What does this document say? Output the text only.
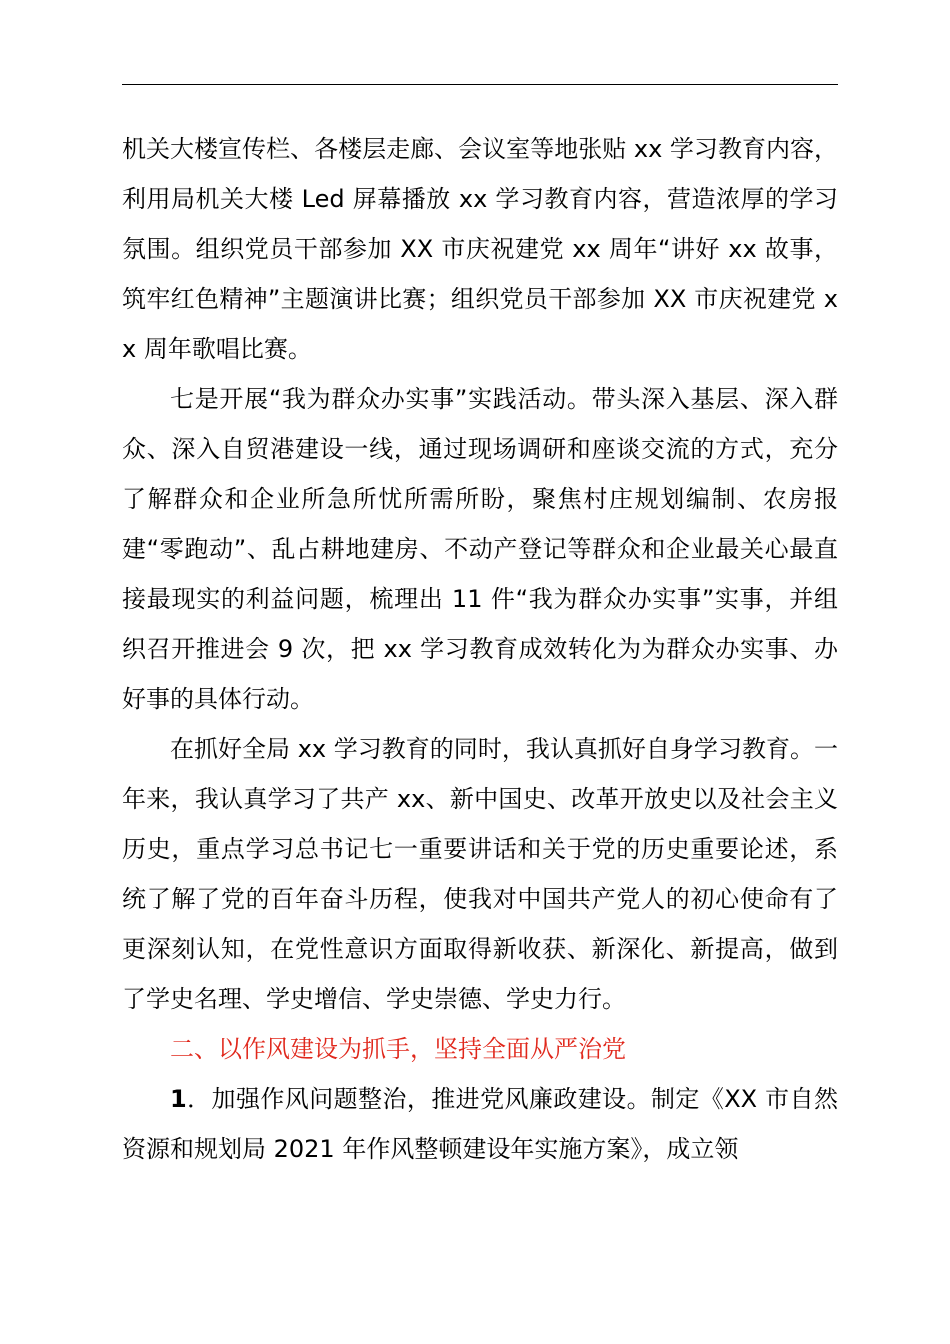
机关大楼宣传栏、各楼层走廊、会议室等地张贴 xx 学习教育内容，利用局机关大楼 Led 屏幕播放 xx 学习教育内容，营造浓厚的学习氛围。组织党员干部参加 XX 市庆祝建党 xx 周年“讲好 xx 故事，筑牢红色精神”主题演讲比赛；组织党员干部参加 XX 市庆祝建党 xx 周年歌唱比赛。

七是开展“我为群众办实事”实践活动。带头深入基层、深入群众、深入自贸港建设一线，通过现场调研和座谈交流的方式，充分了解群众和企业所急所忧所需所盼，聚焦村庄规划编制、农房报建“零跑动”、乱占耕地建房、不动产登记等群众和企业最关心最直接最现实的利益问题，梳理出 11 件“我为群众办实事”实事，并组织召开推进会 9 次，把 xx 学习教育成效转化为为群众办实事、办好事的具体行动。

在抓好全局 xx 学习教育的同时，我认真抓好自身学习教育。一年来，我认真学习了共产 xx、新中国史、改革开放史以及社会主义历史，重点学习总书记七一重要讲话和关于党的历史重要论述，系统了解了党的百年奋斗历程，使我对中国共产党人的初心使命有了更深刻认知，在党性意识方面取得新收获、新深化、新提高，做到了学史名理、学史增信、学史崇德、学史力行。

二、以作风建设为抓手，坚持全面从严治党

1．加强作风问题整治，推进党风廉政建设。制定《XX 市自然资源和规划局 2021 年作风整顿建设年实施方案》，成立领
